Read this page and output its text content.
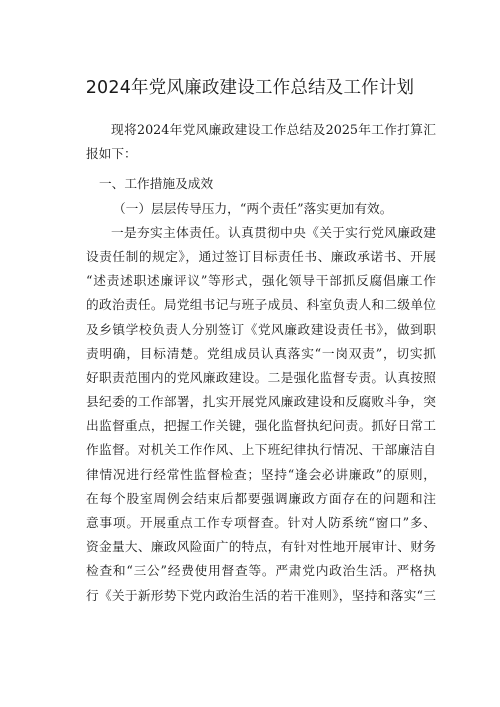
2024年党风廉政建设工作总结及工作计划
现将2024年党风廉政建设工作总结及2025年工作打算汇
报如下：
一、工作措施及成效
（一）层层传导压力，“两个责任”落实更加有效。
一是夯实主体责任。认真贯彻中央《关于实行党风廉政建
设责任制的规定》，通过签订目标责任书、廉政承诺书、开展
“述责述职述廉评议”等形式，强化领导干部抓反腐倡廉工作
的政治责任。局党组书记与班子成员、科室负责人和二级单位
及乡镇学校负责人分别签订《党风廉政建设责任书》，做到职
责明确，目标清楚。党组成员认真落实“一岗双责”，切实抓
好职责范围内的党风廉政建设。二是强化监督专责。认真按照
县纪委的工作部署，扎实开展党风廉政建设和反腐败斗争，突
出监督重点，把握工作关键，强化监督执纪问责。抓好日常工
作监督。对机关工作作风、上下班纪律执行情况、干部廉洁自
律情况进行经常性监督检查；坚持“逢会必讲廉政”的原则，
在每个股室周例会结束后都要强调廉政方面存在的问题和注
意事项。开展重点工作专项督查。针对人防系统“窗口”多、
资金量大、廉政风险面广的特点，有针对性地开展审计、财务
检查和“三公”经费使用督查等。严肃党内政治生活。严格执
行《关于新形势下党内政治生活的若干准则》，坚持和落实“三
